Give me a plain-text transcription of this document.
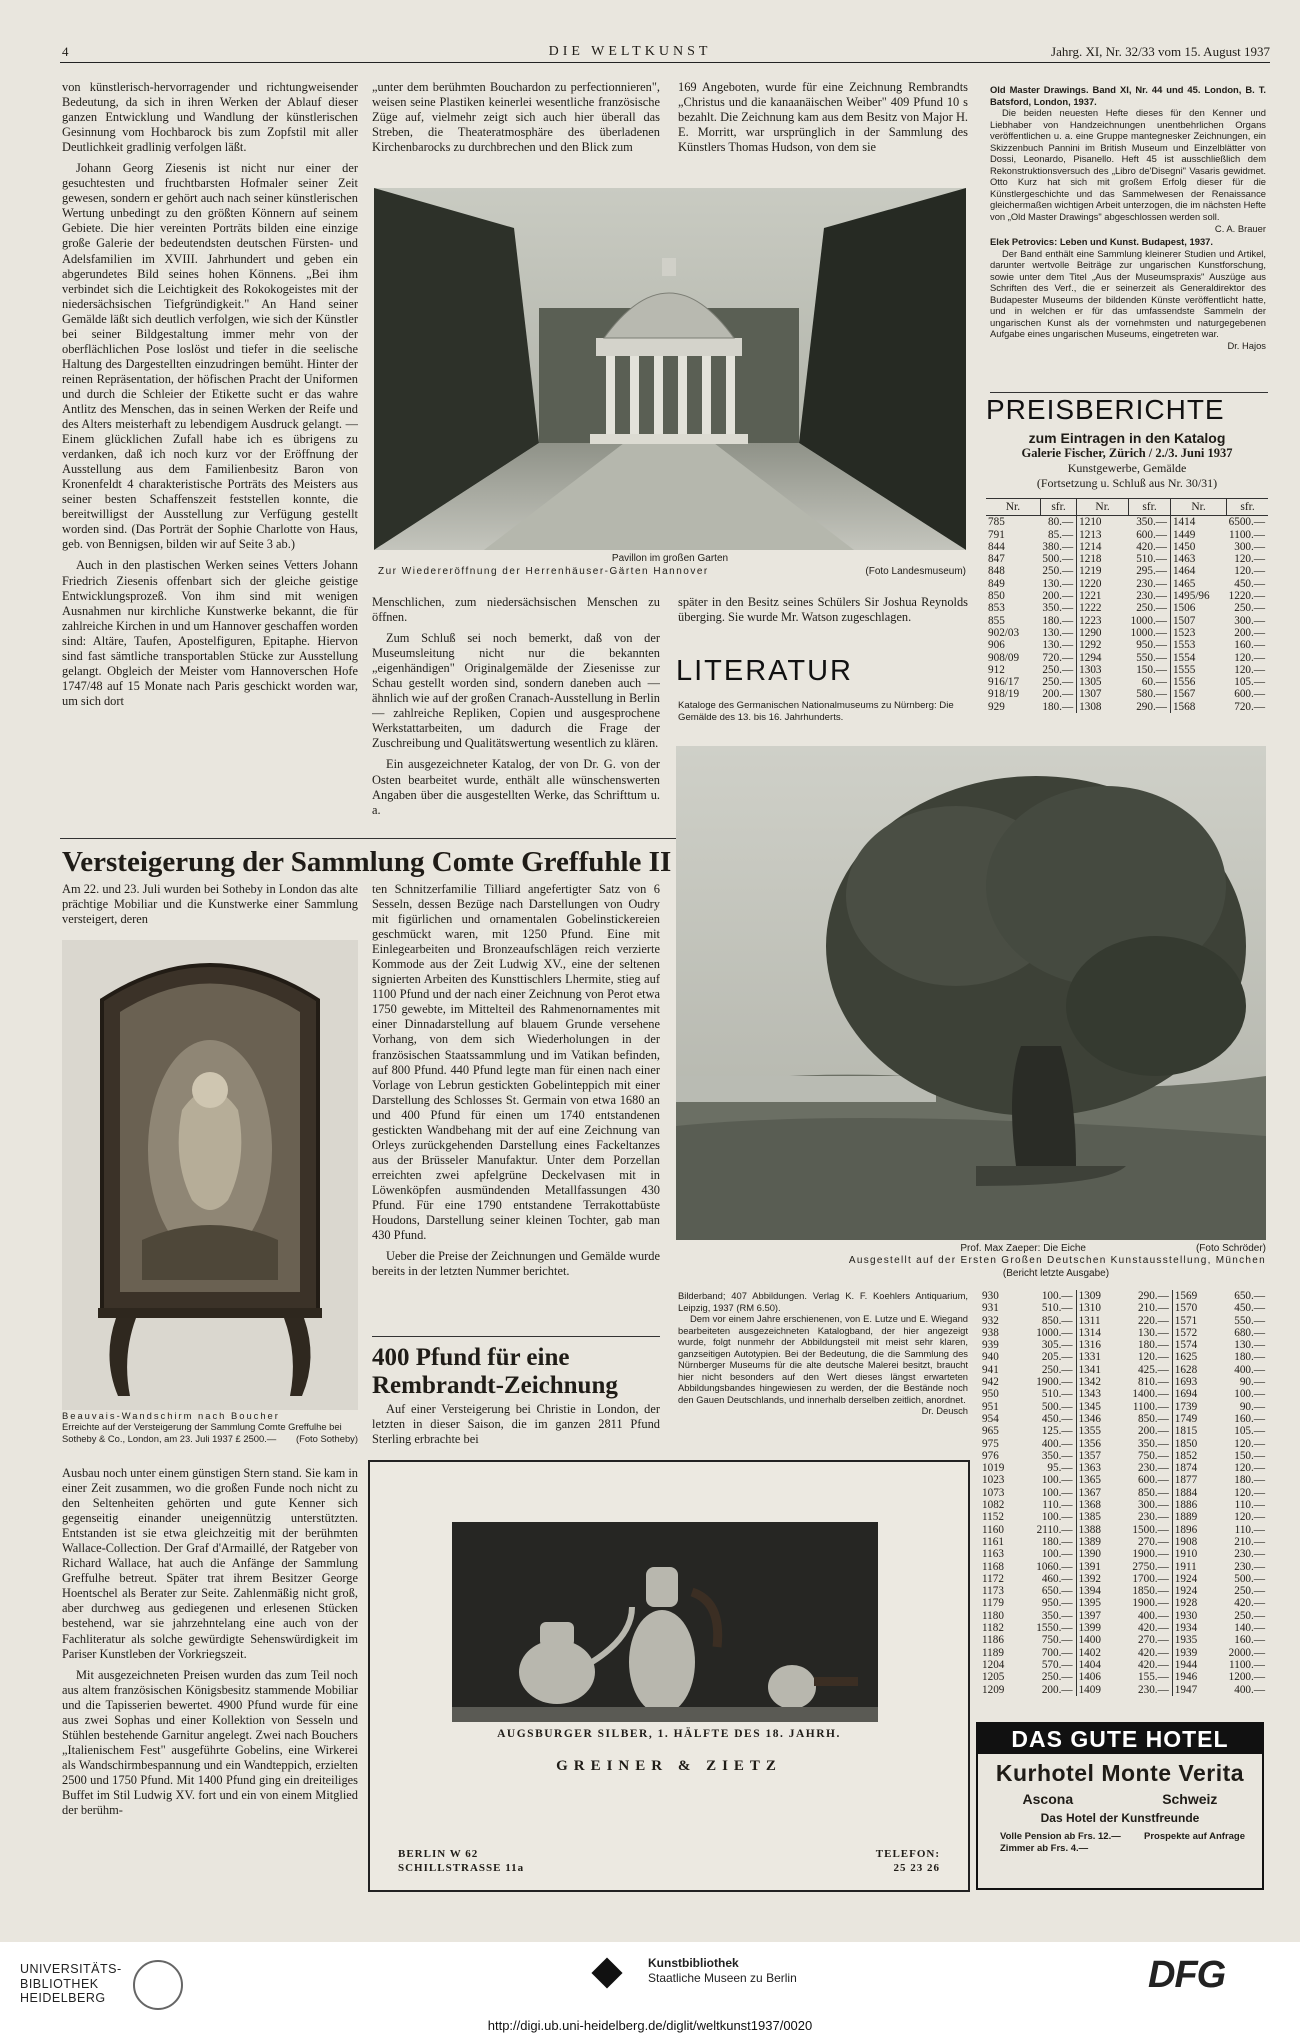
4	DIE WELTKUNST	Jahrg. XI, Nr. 32/33 vom 15. August 1937

von künstlerisch-hervorragender und richtungweisender Bedeutung, da sich in ihren Werken der Ablauf dieser ganzen Entwicklung und Wandlung der künstlerischen Gesinnung vom Hochbarock bis zum Zopfstil mit aller Deutlichkeit gradlinig verfolgen läßt.

Johann Georg Ziesenis ist nicht nur einer der gesuchtesten und fruchtbarsten Hofmaler seiner Zeit gewesen, sondern er gehört auch nach seiner künstlerischen Wertung unbedingt zu den größten Könnern auf seinem Gebiete. Die hier vereinten Porträts bilden eine einzige große Galerie der bedeutendsten deutschen Fürsten- und Adelsfamilien im XVIII. Jahrhundert und geben ein abgerundetes Bild seines hohen Könnens. „Bei ihm verbindet sich die Leichtigkeit des Rokokogeistes mit der niedersächsischen Tiefgründigkeit." An Hand seiner Gemälde läßt sich deutlich verfolgen, wie sich der Künstler bei seiner Bildgestaltung immer mehr von der oberflächlichen Pose loslöst und tiefer in die seelische Haltung des Dargestellten einzudringen bemüht. Hinter der reinen Repräsentation, der höfischen Pracht der Uniformen und durch die Schleier der Etikette sucht er das wahre Antlitz des Menschen, das in seinen Werken der Reife und des Alters meisterhaft zu lebendigem Ausdruck gelangt. — Einem glücklichen Zufall habe ich es übrigens zu verdanken, daß ich noch kurz vor der Eröffnung der Ausstellung aus dem Familienbesitz Baron von Kronenfeldt 4 charakteristische Porträts des Meisters aus seiner besten Schaffenszeit feststellen konnte, die bereitwilligst der Ausstellung zur Verfügung gestellt worden sind. (Das Porträt der Sophie Charlotte von Haus, geb. von Bennigsen, bilden wir auf Seite 3 ab.)

Auch in den plastischen Werken seines Vetters Johann Friedrich Ziesenis offenbart sich der gleiche geistige Entwicklungsprozeß. Von ihm sind mit wenigen Ausnahmen nur kirchliche Kunstwerke bekannt, die für zahlreiche Kirchen in und um Hannover geschaffen worden sind: Altäre, Taufen, Apostelfiguren, Epitaphe. Hiervon sind fast sämtliche transportablen Stücke zur Ausstellung gelangt. Obgleich der Meister vom Hannoverschen Hofe 1747/48 auf 15 Monate nach Paris geschickt worden war, um sich dort

„unter dem berühmten Bouchardon zu perfectionnieren", weisen seine Plastiken keinerlei wesentliche französische Züge auf, vielmehr zeigt sich auch hier überall das Streben, die Theateratmosphäre des überladenen Kirchenbarocks zu durchbrechen und den Blick zum

169 Angeboten, wurde für eine Zeichnung Rembrandts „Christus und die kanaanäischen Weiber" 409 Pfund 10 s bezahlt. Die Zeichnung kam aus dem Besitz von Major H. E. Morritt, war ursprünglich in der Sammlung des Künstlers Thomas Hudson, von dem sie

Pavillon im großen Garten
Zur Wiedereröffnung der Herrenhäuser-Gärten Hannover	(Foto Landesmuseum)

Menschlichen, zum niedersächsischen Menschen zu öffnen.

Zum Schluß sei noch bemerkt, daß von der Museumsleitung nicht nur die bekannten „eigenhändigen" Originalgemälde der Ziesenisse zur Schau gestellt worden sind, sondern daneben auch — ähnlich wie auf der großen Cranach-Ausstellung in Berlin — zahlreiche Repliken, Copien und ausgesprochene Werkstattarbeiten, um dadurch die Frage der Zuschreibung und Qualitätswertung wesentlich zu klären.

Ein ausgezeichneter Katalog, der von Dr. G. von der Osten bearbeitet wurde, enthält alle wünschenswerten Angaben über die ausgestellten Werke, das Schrifttum u. a.

später in den Besitz seines Schülers Sir Joshua Reynolds überging. Sie wurde Mr. Watson zugeschlagen.

LITERATUR
Kataloge des Germanischen Nationalmuseums zu Nürnberg: Die Gemälde des 13. bis 16. Jahrhunderts.
Old Master Drawings. Band XI, Nr. 44 und 45. London, B. T. Batsford, London, 1937.
Die beiden neuesten Hefte dieses für den Kenner und Liebhaber von Handzeichnungen unentbehrlichen Organs veröffentlichen u. a. eine Gruppe mantegnesker Zeichnungen, ein Skizzenbuch Pannini im British Museum und Einzelblätter von Dossi, Leonardo, Pisanello. Heft 45 ist ausschließlich dem Rekonstruktionsversuch des „Libro de'Disegni" Vasaris gewidmet. Otto Kurz hat sich mit großem Erfolg dieser für die Künstlergeschichte und das Sammelwesen der Renaissance gleichermaßen wichtigen Arbeit unterzogen, die im nächsten Hefte von „Old Master Drawings" abgeschlossen werden soll.
C. A. Brauer
Elek Petrovics: Leben und Kunst. Budapest, 1937.
Der Band enthält eine Sammlung kleinerer Studien und Artikel, darunter wertvolle Beiträge zur ungarischen Kunstforschung, sowie unter dem Titel „Aus der Museumspraxis" Auszüge aus Schriften des Verf., die er seinerzeit als Generaldirektor des Budapester Museums der bildenden Künste veröffentlicht hatte, und in welchen er für das umfassendste Sammeln der ungarischen Kunst als der vornehmsten und naturgegebenen Aufgabe eines ungarischen Museums, eingetreten war.
Dr. Hajos
PREISBERICHTE
zum Eintragen in den Katalog
Galerie Fischer, Zürich / 2./3. Juni 1937
Kunstgewerbe, Gemälde
(Fortsetzung u. Schluß aus Nr. 30/31)
Nr.	sfr.	Nr.	sfr.	Nr.	sfr.
785	80.—	1210	350.—	1414	6500.—
791	85.—	1213	600.—	1449	1100.—
844	380.—	1214	420.—	1450	300.—
847	500.—	1218	510.—	1463	120.—
848	250.—	1219	295.—	1464	120.—
849	130.—	1220	230.—	1465	450.—
850	200.—	1221	230.—	1495/96	1220.—
853	350.—	1222	250.—	1506	250.—
855	180.—	1223	1000.—	1507	300.—
902/03	130.—	1290	1000.—	1523	200.—
906	130.—	1292	950.—	1553	160.—
908/09	720.—	1294	550.—	1554	120.—
912	250.—	1303	150.—	1555	120.—
916/17	250.—	1305	60.—	1556	105.—
918/19	200.—	1307	580.—	1567	600.—
929	180.—	1308	290.—	1568	720.—
Versteigerung der Sammlung Comte Greffuhle II

Am 22. und 23. Juli wurden bei Sotheby in London das alte prächtige Mobiliar und die Kunstwerke einer Sammlung versteigert, deren

Beauvais-Wandschirm nach Boucher
Erreichte auf der Versteigerung der Sammlung Comte Greffulhe bei Sotheby & Co., London, am 23. Juli 1937 £ 2500.— (Foto Sotheby)

Ausbau noch unter einem günstigen Stern stand. Sie kam in einer Zeit zusammen, wo die großen Funde noch nicht zu den Seltenheiten gehörten und gute Kenner sich gegenseitig einander uneigennützig unterstützten. Entstanden ist sie etwa gleichzeitig mit der berühmten Wallace-Collection. Der Graf d'Armaillé, der Ratgeber von Richard Wallace, hat auch die Anfänge der Sammlung Greffulhe betreut. Später trat ihrem Besitzer George Hoentschel als Berater zur Seite. Zahlenmäßig nicht groß, aber durchweg aus gediegenen und erlesenen Stücken bestehend, war sie jahrzehntelang eine auch von der Fachliteratur als solche gewürdigte Sehenswürdigkeit im Pariser Kunstleben der Vorkriegszeit.

Mit ausgezeichneten Preisen wurden das zum Teil noch aus altem französischen Königsbesitz stammende Mobiliar und die Tapisserien bewertet. 4900 Pfund wurde für eine aus zwei Sophas und einer Kollektion von Sesseln und Stühlen bestehende Garnitur angelegt. Zwei nach Bouchers „Italienischem Fest" ausgeführte Gobelins, eine Wirkerei als Wandschirmbespannung und ein Wandteppich, erzielten 2500 und 1750 Pfund. Mit 1400 Pfund ging ein dreiteiliges Buffet im Stil Ludwig XV. fort und ein von einem Mitglied der berühm-

ten Schnitzerfamilie Tilliard angefertigter Satz von 6 Sesseln, dessen Bezüge nach Darstellungen von Oudry mit figürlichen und ornamentalen Gobelinstickereien geschmückt waren, mit 1250 Pfund. Eine mit Einlegearbeiten und Bronzeaufschlägen reich verzierte Kommode aus der Zeit Ludwig XV., eine der seltenen signierten Arbeiten des Kunsttischlers Lhermite, stieg auf 1100 Pfund und der nach einer Zeichnung von Perot etwa 1750 gewebte, im Mittelteil des Rahmenornamentes mit einer Dinnadarstellung auf blauem Grunde versehene Vorhang, von dem sich Wiederholungen in der französischen Staatssammlung und im Vatikan befinden, auf 800 Pfund. 440 Pfund legte man für einen nach einer Vorlage von Lebrun gestickten Gobelinteppich mit einer Darstellung des Schlosses St. Germain von etwa 1680 an und 400 Pfund für einen um 1740 entstandenen gestickten Wandbehang mit der auf eine Zeichnung van Orleys zurückgehenden Darstellung eines Fackeltanzes aus der Brüsseler Manufaktur. Unter dem Porzellan erreichten zwei apfelgrüne Deckelvasen mit in Löwenköpfen ausmündenden Metallfassungen 430 Pfund. Für eine 1790 entstandene Terrakottabüste Houdons, Darstellung seiner kleinen Tochter, gab man 430 Pfund.

Ueber die Preise der Zeichnungen und Gemälde wurde bereits in der letzten Nummer berichtet.

400 Pfund für eine
Rembrandt-Zeichnung

Auf einer Versteigerung bei Christie in London, der letzten in dieser Saison, die im ganzen 2811 Pfund Sterling erbrachte bei

Prof. Max Zaeper: Die Eiche	(Foto Schröder)
Ausgestellt auf der Ersten Großen Deutschen Kunstausstellung, München
(Bericht letzte Ausgabe)
Bilderband; 407 Abbildungen. Verlag K. F. Koehlers Antiquarium, Leipzig, 1937 (RM 6.50).
Dem vor einem Jahre erschienenen, von E. Lutze und E. Wiegand bearbeiteten ausgezeichneten Katalogband, der hier angezeigt wurde, folgt nunmehr der Abbildungsteil mit meist sehr klaren, ganzseitigen Autotypien. Bei der Bedeutung, die die Sammlung des Nürnberger Museums für die alte deutsche Malerei besitzt, braucht hier nicht besonders auf den Wert dieses längst erwarteten Abbildungsbandes hingewiesen zu werden, der die Bestände noch den Gauen Deutschlands, und innerhalb derselben zeitlich, anordnet.
Dr. Deusch
930	100.—	1309	290.—	1569	650.—
931	510.—	1310	210.—	1570	450.—
932	850.—	1311	220.—	1571	550.—
938	1000.—	1314	130.—	1572	680.—
939	305.—	1316	180.—	1574	130.—
940	205.—	1331	120.—	1625	180.—
941	250.—	1341	425.—	1628	400.—
942	1900.—	1342	810.—	1693	90.—
950	510.—	1343	1400.—	1694	100.—
951	500.—	1345	1100.—	1739	90.—
954	450.—	1346	850.—	1749	160.—
965	125.—	1355	200.—	1815	105.—
975	400.—	1356	350.—	1850	120.—
976	350.—	1357	750.—	1852	150.—
1019	95.—	1363	230.—	1874	120.—
1023	100.—	1365	600.—	1877	180.—
1073	100.—	1367	850.—	1884	120.—
1082	110.—	1368	300.—	1886	110.—
1152	100.—	1385	230.—	1889	120.—
1160	2110.—	1388	1500.—	1896	110.—
1161	180.—	1389	270.—	1908	210.—
1163	100.—	1390	1900.—	1910	230.—
1168	1060.—	1391	2750.—	1911	230.—
1172	460.—	1392	1700.—	1924	500.—
1173	650.—	1394	1850.—	1924	250.—
1179	950.—	1395	1900.—	1928	420.—
1180	350.—	1397	400.—	1930	250.—
1182	1550.—	1399	420.—	1934	140.—
1186	750.—	1400	270.—	1935	160.—
1189	700.—	1402	420.—	1939	2000.—
1204	570.—	1404	420.—	1944	1100.—
1205	250.—	1406	155.—	1946	1200.—
1209	200.—	1409	230.—	1947	400.—
AUGSBURGER SILBER, 1. HÄLFTE DES 18. JAHRH.
GREINER & ZIETZ
BERLIN W 62
SCHILLSTRASSE 11a
TELEFON:
25 23 26
DAS GUTE HOTEL
Kurhotel Monte Verita
Ascona	Schweiz
Das Hotel der Kunstfreunde
Volle Pension ab Frs. 12.—
Zimmer ab Frs. 4.—
Prospekte auf Anfrage
UNIVERSITÄTS-
BIBLIOTHEK
HEIDELBERG
Kunstbibliothek
Staatliche Museen zu Berlin	DFG
http://digi.ub.uni-heidelberg.de/diglit/weltkunst1937/0020
